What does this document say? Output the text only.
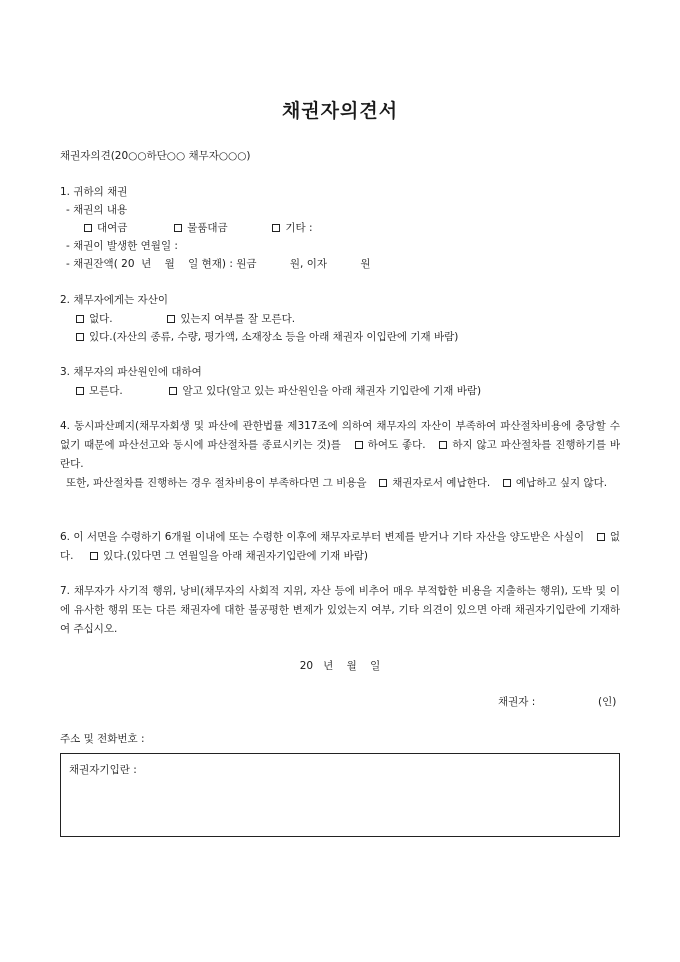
채권자의견서
채권자의견(20○○하단○○ 채무자○○○)
1. 귀하의 채권
- 채권의 내용
대여금	물품대금	기타 :
- 채권이 발생한 연월일 :
- 채권잔액( 20  년    월    일 현재) : 원금          원, 이자          원
2. 채무자에게는 자산이
없다.	있는지 여부를 잘 모른다.
있다.(자산의 종류, 수량, 평가액, 소재장소 등을 아래 채권자 이입란에 기재 바람)
3. 채무자의 파산원인에 대하여
모른다.	알고 있다(알고 있는 파산원인을 아래 채권자 기입란에 기재 바람)
4. 동시파산폐지(채무자회생 및 파산에 관한법률 제317조에 의하여 채무자의 자산이 부족하여 파산절차비용에 충당할 수 없기 때문에 파산선고와 동시에 파산절차를 종료시키는 것)를	하여도 좋다.	하지 않고 파산절차를 진행하기를 바란다.
또한, 파산절차를 진행하는 경우 절차비용이 부족하다면 그 비용을 채권자로서 예납한다. 예납하고 싶지 않다.
6. 이 서면을 수령하기 6개월 이내에 또는 수령한 이후에 채무자로부터 변제를 받거나 기타 자산을 양도받은 사실이 없다.	있다.(있다면 그 연월일을 아래 채권자기입란에 기재 바람)
7. 채무자가 사기적 행위, 낭비(채무자의 사회적 지위, 자산 등에 비추어 매우 부적합한 비용을 지출하는 행위), 도박 및 이에 유사한 행위 또는 다른 채권자에 대한 불공평한 변제가 있었는지 여부, 기타 의견이 있으면 아래 채권자기입란에 기재하여 주십시오.
20   년    월    일
채권자 :	(인)
주소 및 전화번호 :
채권자기입란 :
